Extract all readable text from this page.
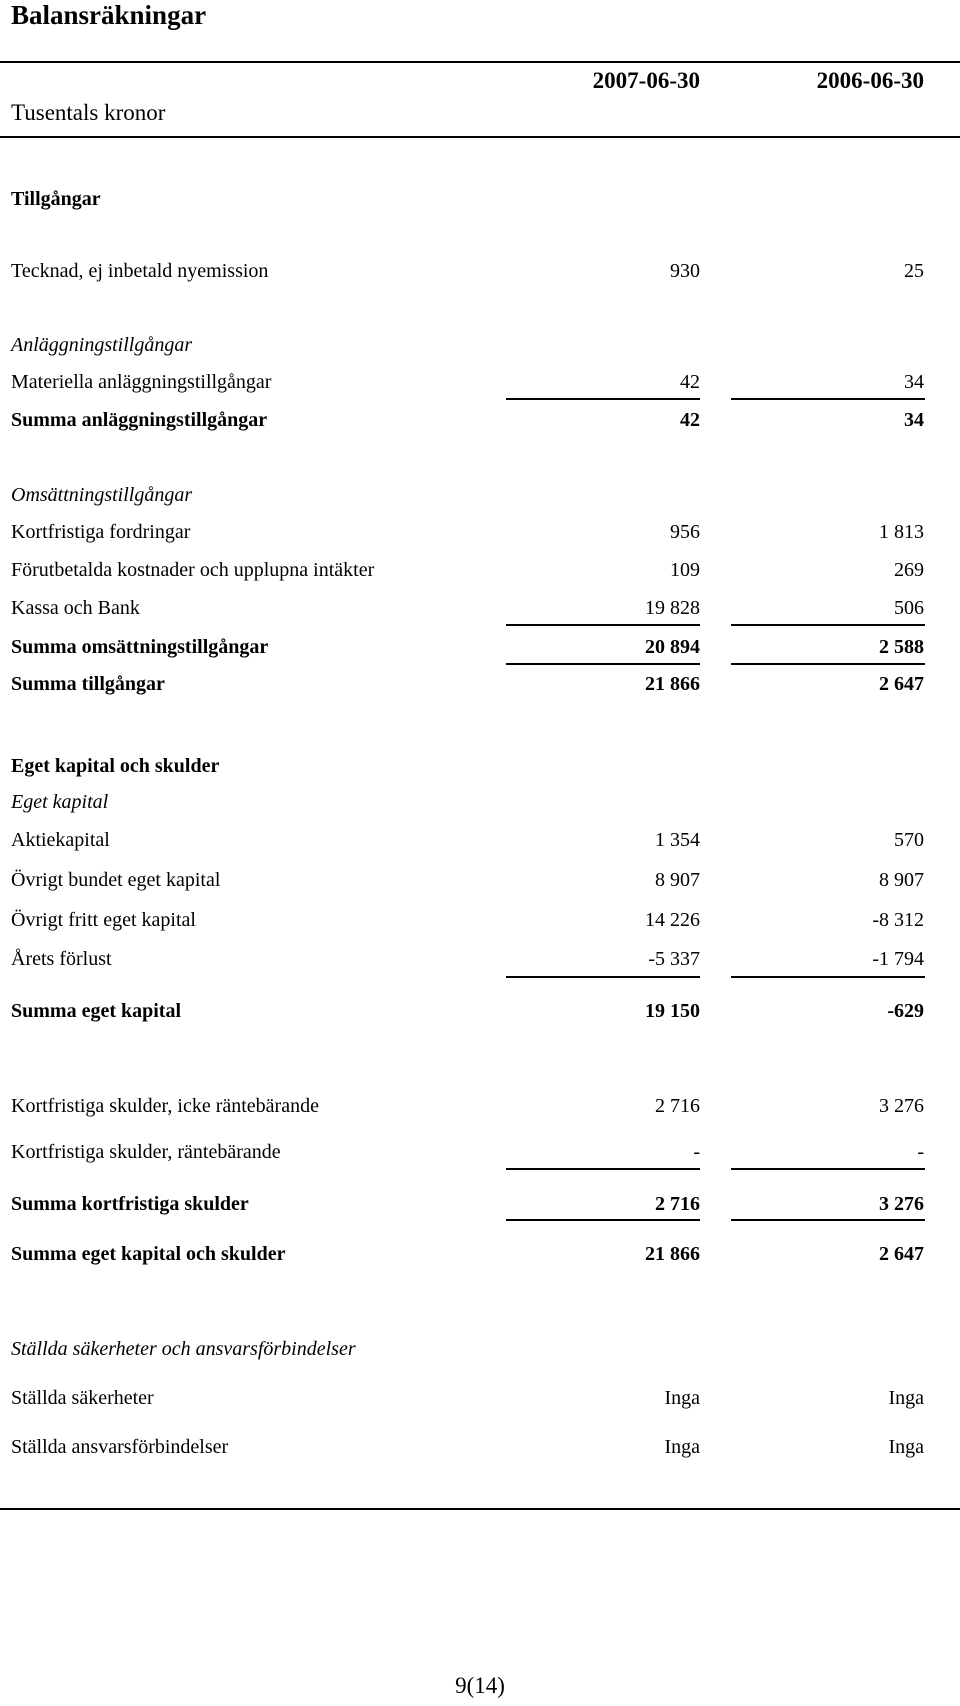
Balansräkningar
Tusentals kronor
2007-06-30	2006-06-30
Tillgångar
Tecknad, ej inbetald nyemission	930	25
Anläggningstillgångar
Materiella anläggningstillgångar	42	34
Summa anläggningstillgångar	42	34
Omsättningstillgångar
Kortfristiga fordringar	956	1 813
Förutbetalda kostnader och upplupna intäkter	109	269
Kassa och Bank	19 828	506
Summa omsättningstillgångar	20 894	2 588
Summa tillgångar	21 866	2 647
Eget kapital och skulder
Eget kapital
Aktiekapital	1 354	570
Övrigt bundet eget kapital	8 907	8 907
Övrigt fritt eget kapital	14 226	-8 312
Årets förlust	-5 337	-1 794
Summa eget kapital	19 150	-629
Kortfristiga skulder, icke räntebärande	2 716	3 276
Kortfristiga skulder, räntebärande	-	-
Summa kortfristiga skulder	2 716	3 276
Summa eget kapital och skulder	21 866	2 647
Ställda säkerheter och ansvarsförbindelser
Ställda säkerheter	Inga	Inga
Ställda ansvarsförbindelser	Inga	Inga
9(14)
